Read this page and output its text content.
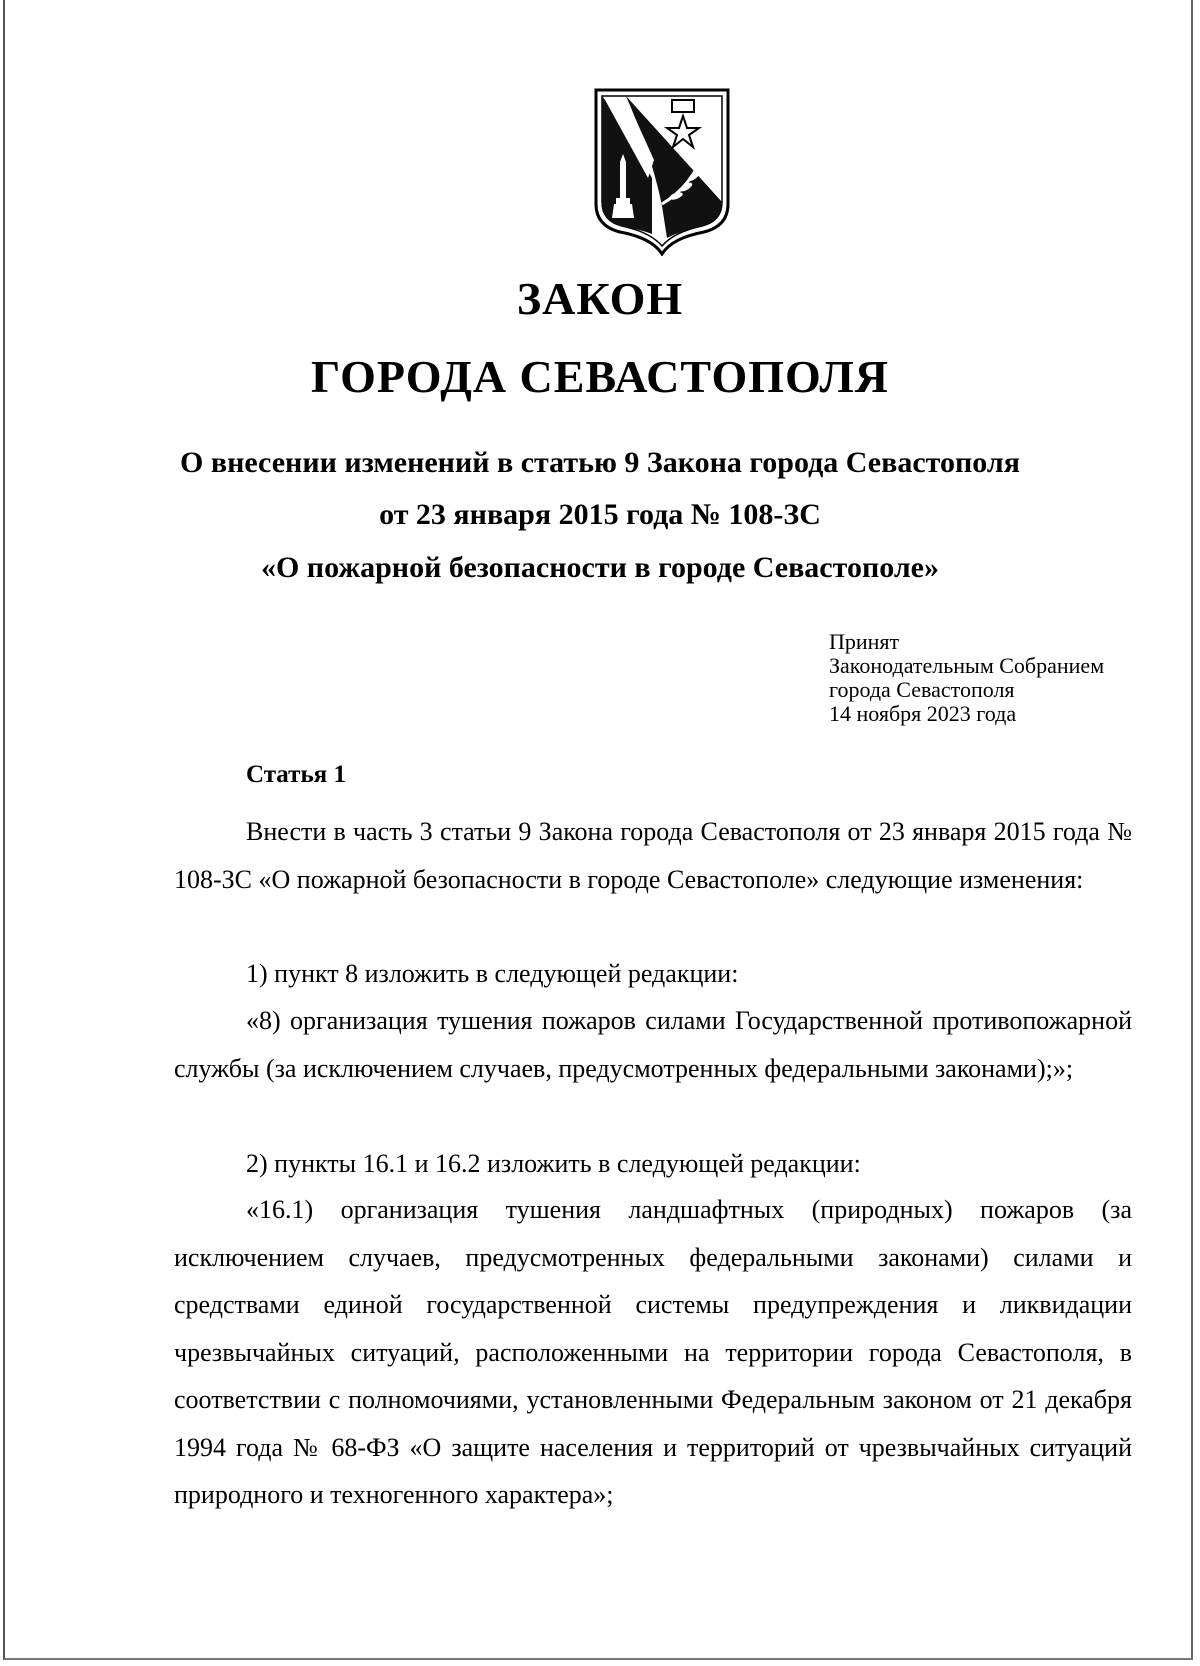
ЗАКОН
ГОРОДА СЕВАСТОПОЛЯ
О внесении изменений в статью 9 Закона города Севастополя
от 23 января 2015 года № 108-ЗС
«О пожарной безопасности в городе Севастополе»
Принят
Законодательным Собранием
города Севастополя
14 ноября 2023 года
Статья 1

Внести в часть 3 статьи 9 Закона города Севастополя от 23 января 2015 года № 108-ЗС «О пожарной безопасности в городе Севастополе» следующие изменения:

1) пункт 8 изложить в следующей редакции:

«8) организация тушения пожаров силами Государственной противопожарной службы (за исключением случаев, предусмотренных федеральными законами);»;

2) пункты 16.1 и 16.2 изложить в следующей редакции:

«16.1) организация тушения ландшафтных (природных) пожаров (за исключением случаев, предусмотренных федеральными законами) силами и средствами единой государственной системы предупреждения и ликвидации чрезвычайных ситуаций, расположенными на территории города Севастополя, в соответствии с полномочиями, установленными Федеральным законом от 21 декабря 1994 года № 68-ФЗ «О защите населения и территорий от чрезвычайных ситуаций природного и техногенного характера»;
